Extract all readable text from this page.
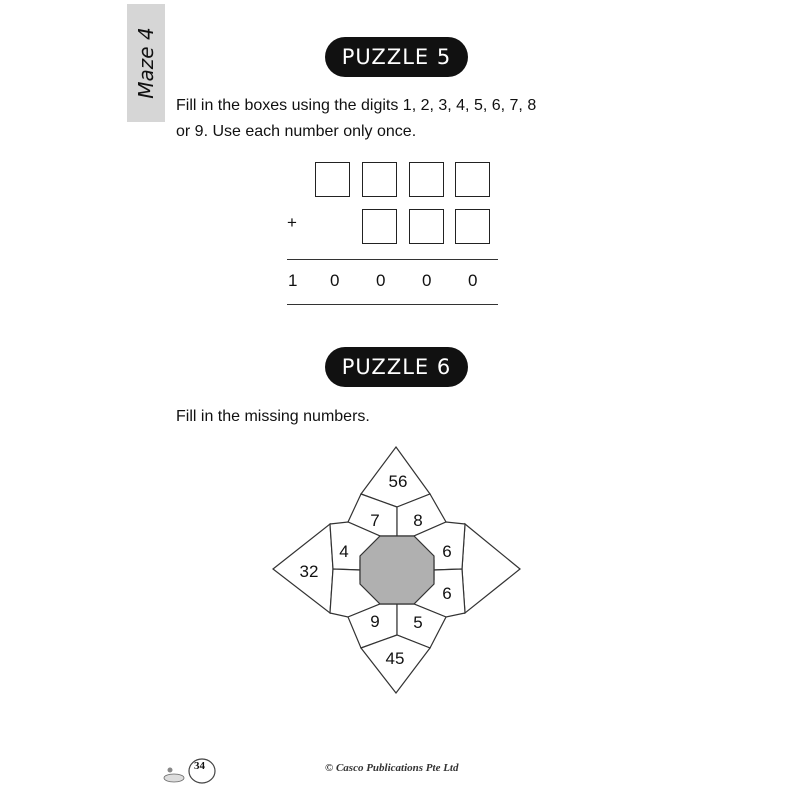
Maze 4	PUZZLE 5
Fill in the boxes using the digits 1, 2, 3, 4, 5, 6, 7, 8
or 9. Use each number only once.
+
1 0 0 0 0
PUZZLE 6
Fill in the missing numbers.
56
7 8
4
32
6
6
9 5
45
34	© Casco Publications Pte Ltd
